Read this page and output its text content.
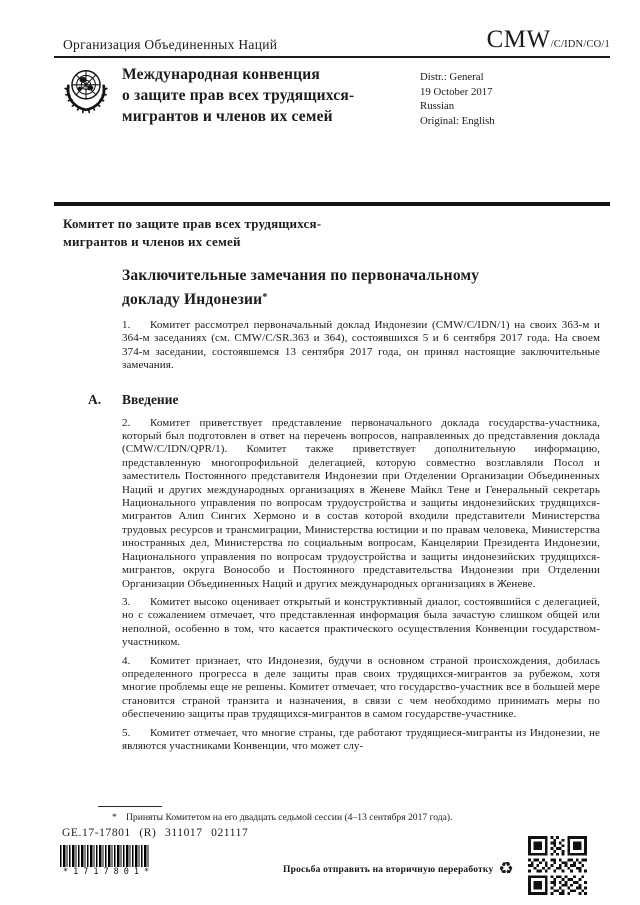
Организация Объединенных Наций	CMW /C/IDN/CO/1
Международная конвенция
о защите прав всех трудящихся-
мигрантов и членов их семей
Distr.: General
19 October 2017
Russian
Original: English
Комитет по защите прав всех трудящихся-
мигрантов и членов их семей
Заключительные замечания по первоначальному докладу Индонезии*

1. Комитет рассмотрел первоначальный доклад Индонезии (CMW/C/IDN/1) на своих 363-м и 364-м заседаниях (см. CMW/C/SR.363 и 364), состоявшихся 5 и 6 сентября 2017 года. На своем 374-м заседании, состоявшемся 13 сентября 2017 года, он принял настоящие заключительные замечания.

A. Введение

2. Комитет приветствует представление первоначального доклада государства-участника, который был подготовлен в ответ на перечень вопросов, направленных до представления доклада (CMW/C/IDN/QPR/1). Комитет также приветствует дополнительную информацию, представленную многопрофильной делегацией, которую совместно возглавляли Посол и заместитель Постоянного представителя Индонезии при Отделении Организации Объединенных Наций и других международных организациях в Женеве Майкл Тене и Генеральный секретарь Национального управления по вопросам трудоустройства и защиты индонезийских трудящихся-мигрантов Алип Сингих Хермоно и в состав которой входили представители Министерства трудовых ресурсов и трансмиграции, Министерства юстиции и по правам человека, Министерства иностранных дел, Министерства по социальным вопросам, Канцелярии Президента Индонезии, Национального управления по вопросам трудоустройства и защиты индонезийских трудящихся-мигрантов, округа Вонособо и Постоянного представительства Индонезии при Отделении Организации Объединенных Наций и других международных организациях в Женеве.

3. Комитет высоко оценивает открытый и конструктивный диалог, состоявшийся с делегацией, но с сожалением отмечает, что представленная информация была зачастую слишком общей или неполной, особенно в том, что касается практического осуществления Конвенции государством-участником.

4. Комитет признает, что Индонезия, будучи в основном страной происхождения, добилась определенного прогресса в деле защиты прав своих трудящихся-мигрантов за рубежом, хотя многие проблемы еще не решены. Комитет отмечает, что государство-участник все в большей мере становится страной транзита и назначения, в связи с чем необходимо принимать меры по обеспечению защиты прав трудящихся-мигрантов в самом государстве-участнике.

5. Комитет отмечает, что многие страны, где работают трудящиеся-мигранты из Индонезии, не являются участниками Конвенции, что может слу-

* Приняты Комитетом на его двадцать седьмой сессии (4–13 сентября 2017 года).
GE.17-17801 (R) 311017 021117
*1717801*	Просьба отправить на вторичную переработку ♻
